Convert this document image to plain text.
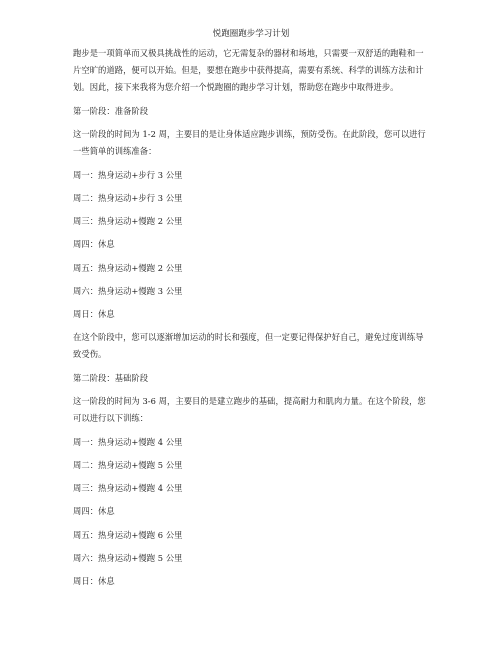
悦跑圈跑步学习计划

跑步是一项简单而又极具挑战性的运动，它无需复杂的器材和场地，只需要一双舒适的跑鞋和一片空旷的道路，便可以开始。但是，要想在跑步中获得提高，需要有系统、科学的训练方法和计划。因此，接下来我将为您介绍一个悦跑圈的跑步学习计划，帮助您在跑步中取得进步。

第一阶段：准备阶段

这一阶段的时间为 1-2 周，主要目的是让身体适应跑步训练，预防受伤。在此阶段，您可以进行一些简单的训练准备：

周一：热身运动+步行 3 公里

周二：热身运动+步行 3 公里

周三：热身运动+慢跑 2 公里

周四：休息

周五：热身运动+慢跑 2 公里

周六：热身运动+慢跑 3 公里

周日：休息

在这个阶段中，您可以逐渐增加运动的时长和强度，但一定要记得保护好自己，避免过度训练导致受伤。

第二阶段：基础阶段

这一阶段的时间为 3-6 周，主要目的是建立跑步的基础，提高耐力和肌肉力量。在这个阶段，您可以进行以下训练：

周一：热身运动+慢跑 4 公里

周二：热身运动+慢跑 5 公里

周三：热身运动+慢跑 4 公里

周四：休息

周五：热身运动+慢跑 6 公里

周六：热身运动+慢跑 5 公里

周日：休息
